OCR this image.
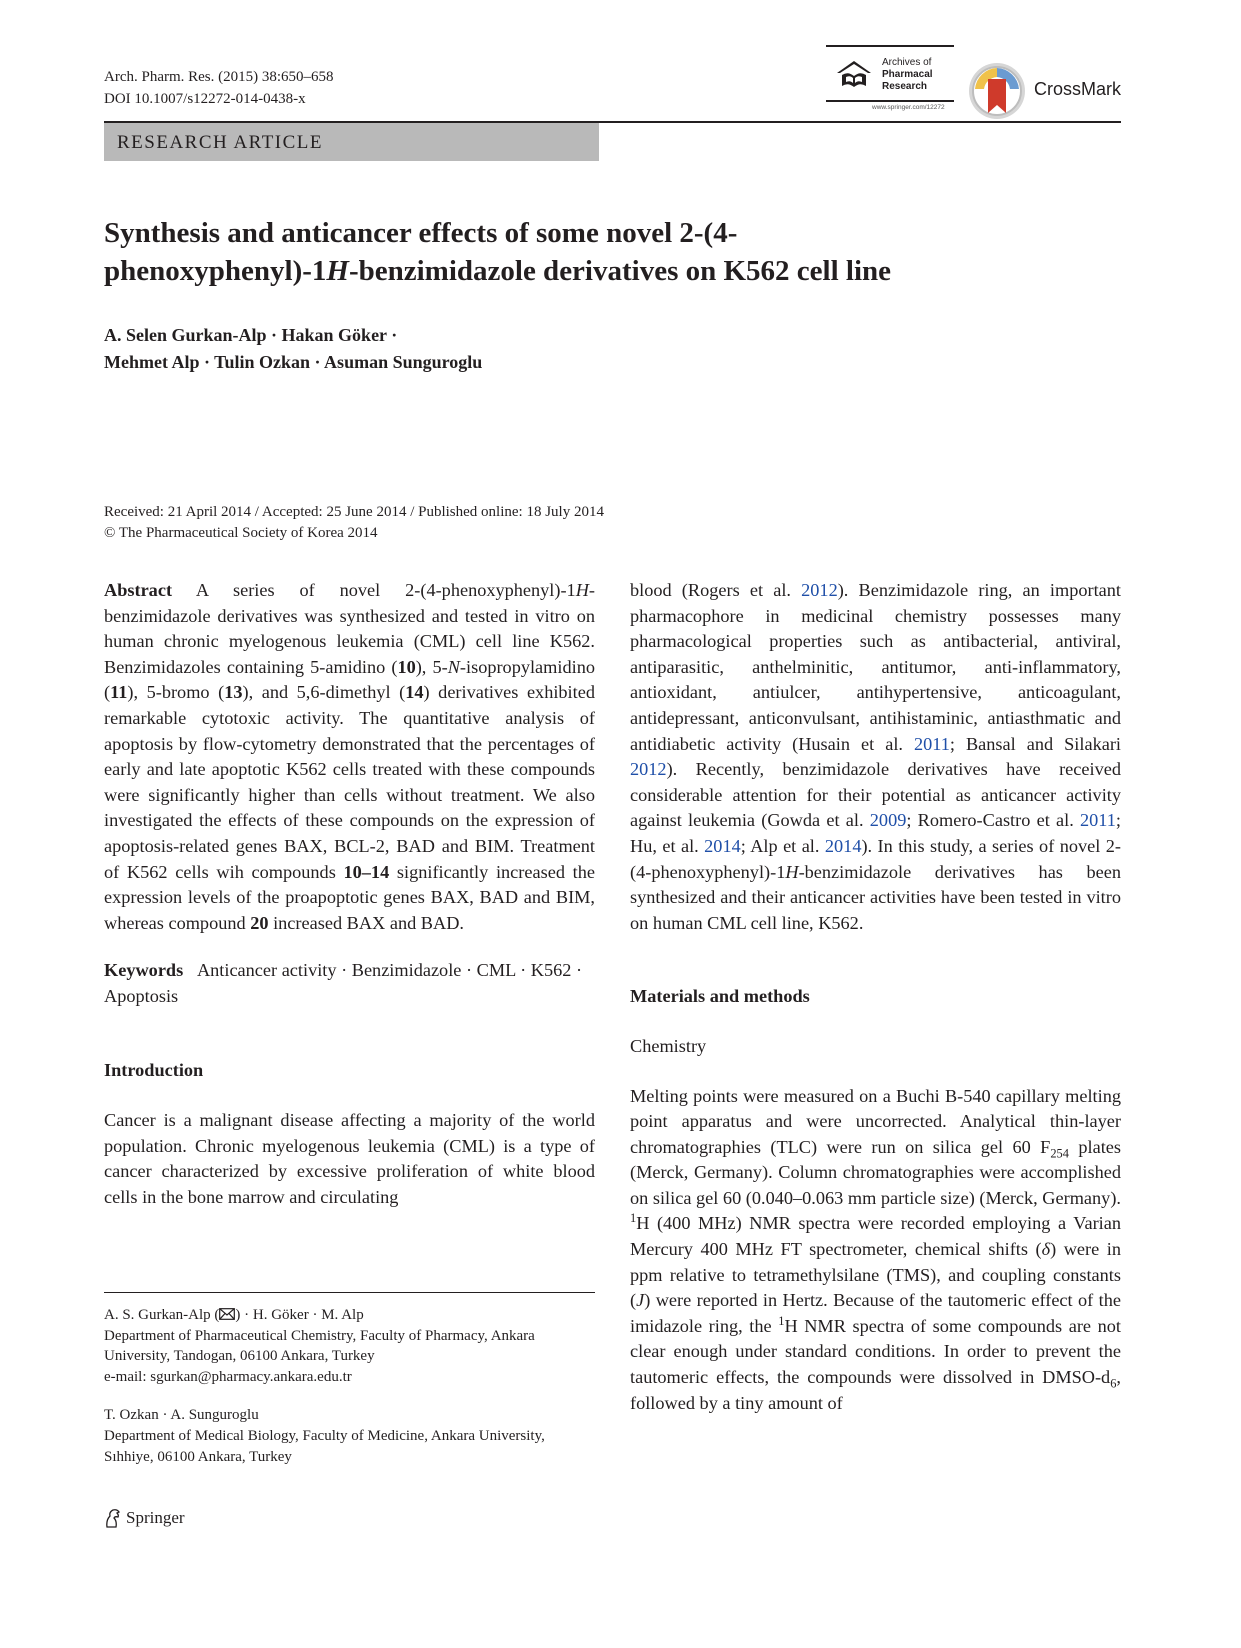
Arch. Pharm. Res. (2015) 38:650–658
DOI 10.1007/s12272-014-0438-x
Archives of
Pharmacal
Research
www.springer.com/12272
CrossMark
RESEARCH ARTICLE
Synthesis and anticancer effects of some novel 2-(4-
phenoxyphenyl)-1H-benzimidazole derivatives on K562 cell line
A. Selen Gurkan-Alp · Hakan Göker ·
Mehmet Alp · Tulin Ozkan · Asuman Sunguroglu
Received: 21 April 2014 / Accepted: 25 June 2014 / Published online: 18 July 2014
© The Pharmaceutical Society of Korea 2014

Abstract A series of novel 2-(4-phenoxyphenyl)-1H-benzimidazole derivatives was synthesized and tested in vitro on human chronic myelogenous leukemia (CML) cell line K562. Benzimidazoles containing 5-amidino (10), 5-N-isopropylamidino (11), 5-bromo (13), and 5,6-dimethyl (14) derivatives exhibited remarkable cytotoxic activity. The quantitative analysis of apoptosis by flow-cytometry demonstrated that the percentages of early and late apoptotic K562 cells treated with these compounds were significantly higher than cells without treatment. We also investigated the effects of these compounds on the expression of apoptosis-related genes BAX, BCL-2, BAD and BIM. Treatment of K562 cells wih compounds 10–14 significantly increased the expression levels of the proapoptotic genes BAX, BAD and BIM, whereas compound 20 increased BAX and BAD.

Keywords Anticancer activity · Benzimidazole · CML · K562 · Apoptosis

Introduction

Cancer is a malignant disease affecting a majority of the world population. Chronic myelogenous leukemia (CML) is a type of cancer characterized by excessive proliferation of white blood cells in the bone marrow and circulating

A. S. Gurkan-Alp ( ) · H. Göker · M. Alp
Department of Pharmaceutical Chemistry, Faculty of Pharmacy, Ankara University, Tandogan, 06100 Ankara, Turkey
e-mail: sgurkan@pharmacy.ankara.edu.tr
T. Ozkan · A. Sunguroglu
Department of Medical Biology, Faculty of Medicine, Ankara University, Sıhhiye, 06100 Ankara, Turkey

blood (Rogers et al. 2012). Benzimidazole ring, an important pharmacophore in medicinal chemistry possesses many pharmacological properties such as antibacterial, antiviral, antiparasitic, anthelminitic, antitumor, anti-inflammatory, antioxidant, antiulcer, antihypertensive, anticoagulant, antidepressant, anticonvulsant, antihistaminic, antiasthmatic and antidiabetic activity (Husain et al. 2011; Bansal and Silakari 2012). Recently, benzimidazole derivatives have received considerable attention for their potential as anticancer activity against leukemia (Gowda et al. 2009; Romero-Castro et al. 2011; Hu, et al. 2014; Alp et al. 2014). In this study, a series of novel 2-(4-phenoxyphenyl)-1H-benzimidazole derivatives has been synthesized and their anticancer activities have been tested in vitro on human CML cell line, K562.

Materials and methods
Chemistry

Melting points were measured on a Buchi B-540 capillary melting point apparatus and were uncorrected. Analytical thin-layer chromatographies (TLC) were run on silica gel 60 $F_{254}$ plates (Merck, Germany). Column chromatographies were accomplished on silica gel 60 (0.040–0.063 mm particle size) (Merck, Germany). $^1$H (400 MHz) NMR spectra were recorded employing a Varian Mercury 400 MHz FT spectrometer, chemical shifts (δ) were in ppm relative to tetramethylsilane (TMS), and coupling constants (J) were reported in Hertz. Because of the tautomeric effect of the imidazole ring, the $^1$H NMR spectra of some compounds are not clear enough under standard conditions. In order to prevent the tautomeric effects, the compounds were dissolved in DMSO-$d_6$, followed by a tiny amount of

Springer
